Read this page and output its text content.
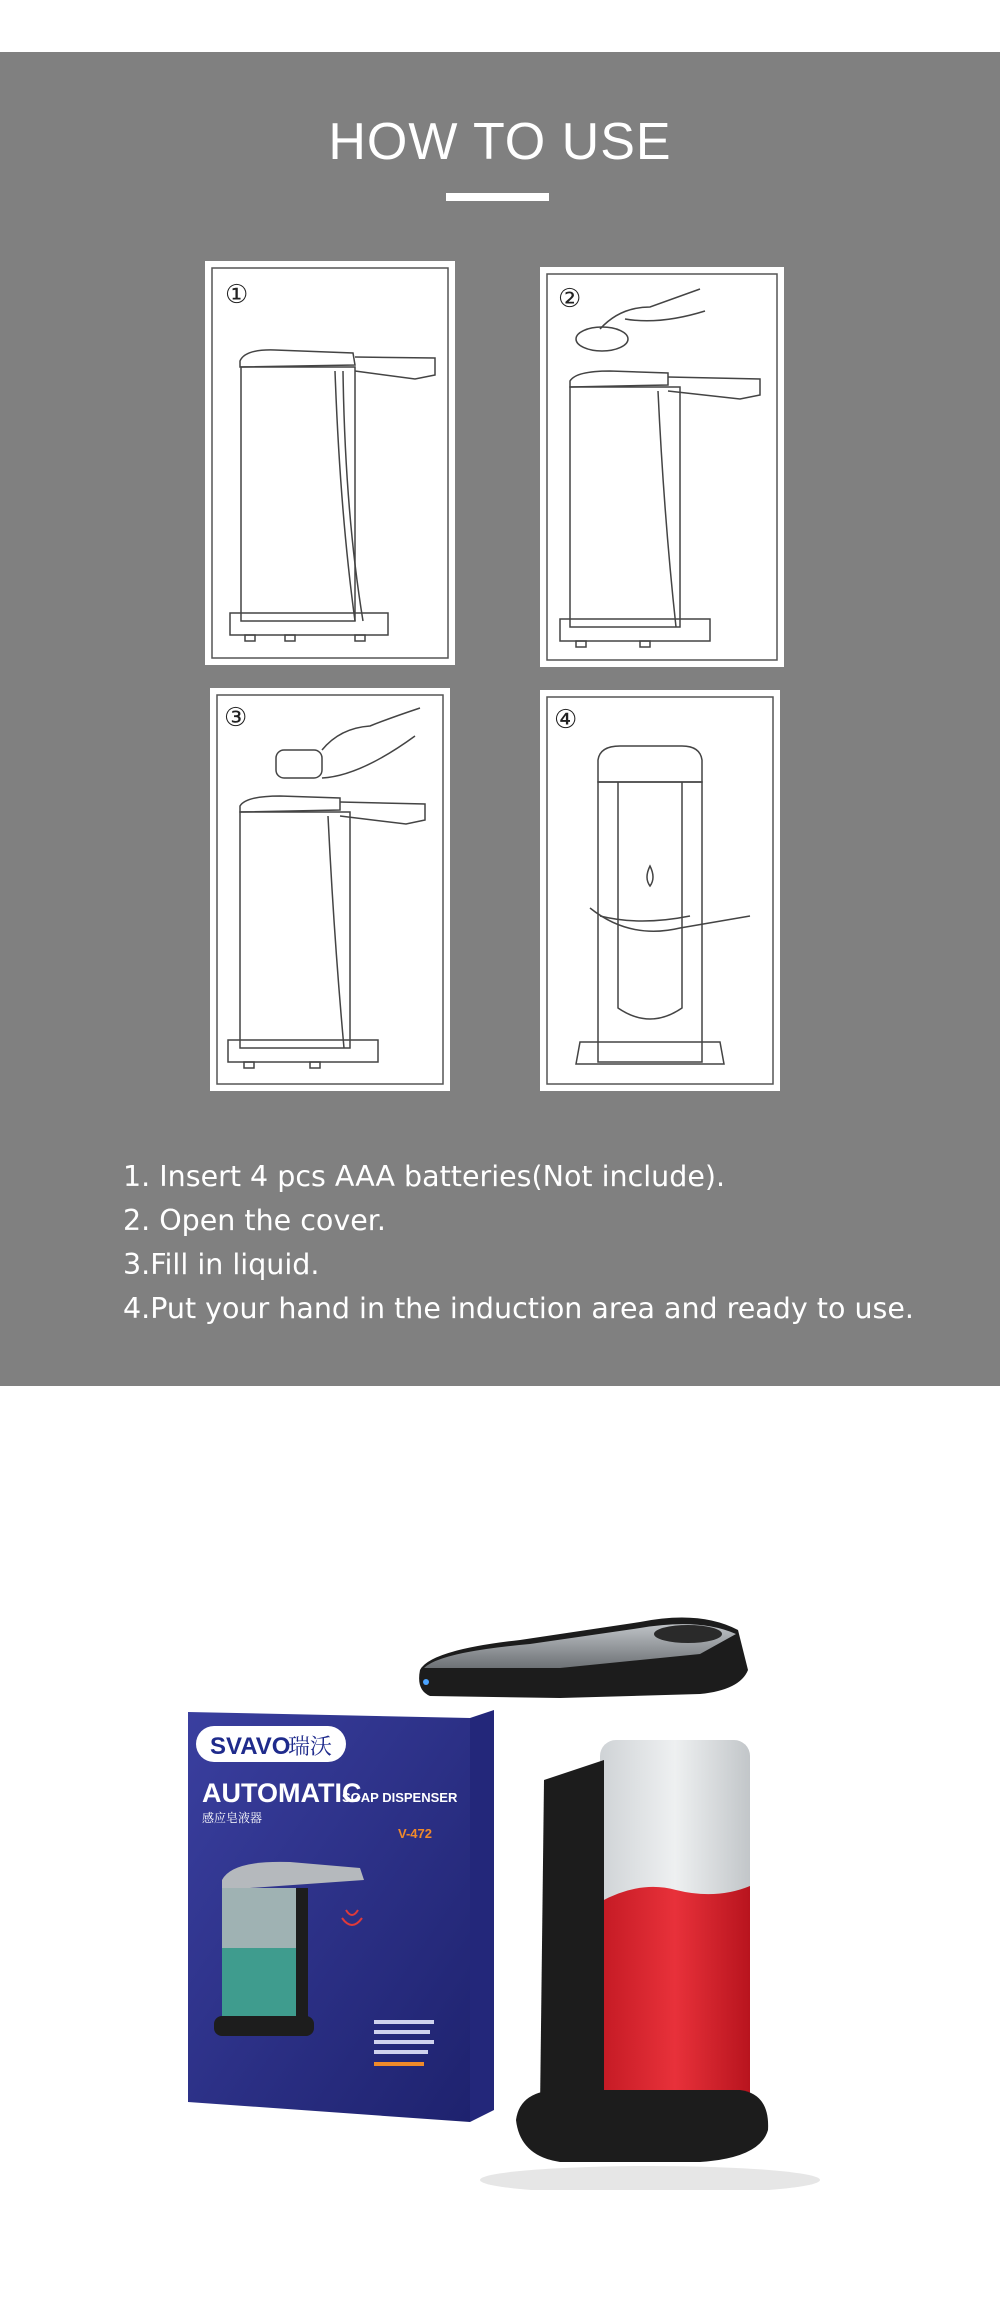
HOW TO USE
①	②
③	④
1. Insert 4 pcs AAA batteries(Not include).
2. Open the cover.
3.Fill in liquid.
4.Put your hand in the induction area and ready to use.
SVAVO
瑞沃
AUTOMATIC
SOAP DISPENSER
感应皂液器
V-472
